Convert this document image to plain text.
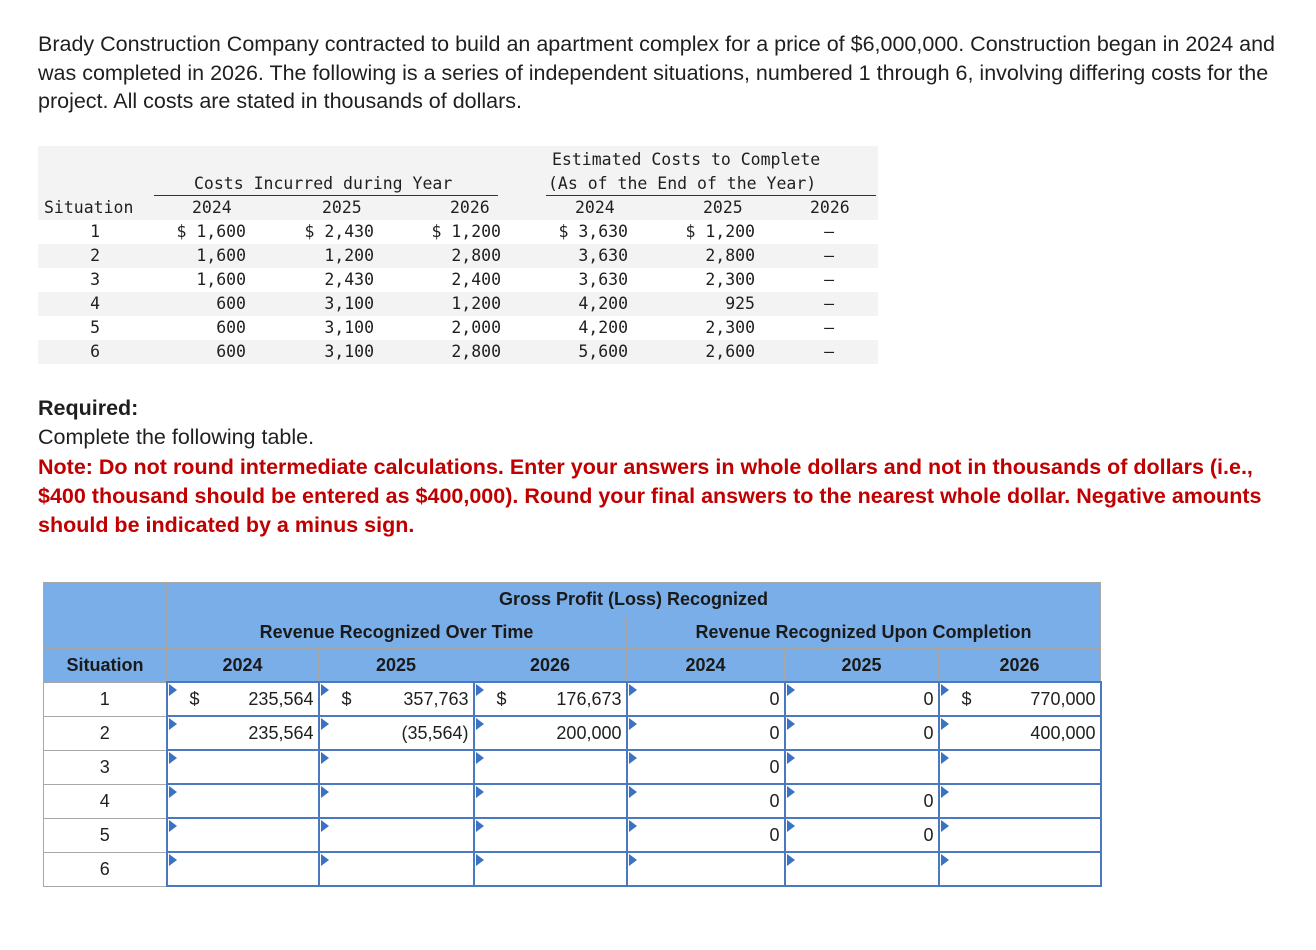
Brady Construction Company contracted to build an apartment complex for a price of $6,000,000. Construction began in 2024 and was completed in 2026. The following is a series of independent situations, numbered 1 through 6, involving differing costs for the project. All costs are stated in thousands of dollars.

Costs Incurred during Year
Estimated Costs to Complete
(As of the End of the Year)
Situation	2024	2025	2026	2024	2025	2026
1	$ 1,600	$ 2,430	$ 1,200	$ 3,630	$ 1,200	–
2	1,600	1,200	2,800	3,630	2,800	–
3	1,600	2,430	2,400	3,630	2,300	–
4	600	3,100	1,200	4,200	925	–
5	600	3,100	2,000	4,200	2,300	–
6	600	3,100	2,800	5,600	2,600	–

Required:

Complete the following table.

Note: Do not round intermediate calculations. Enter your answers in whole dollars and not in thousands of dollars (i.e., $400 thousand should be entered as $400,000). Round your final answers to the nearest whole dollar. Negative amounts should be indicated by a minus sign.

	Gross Profit (Loss) Recognized					
	Revenue Recognized Over Time			Revenue Recognized Upon Completion		
Situation	2024	2025	2026	2024	2025	2026
1	$ 235,564	$ 357,763	$ 176,673	0	0	$ 770,000

2	235,564	(35,564)	200,000	0	0	400,000

3				0		

4				0	0	

5				0	0	

6	
